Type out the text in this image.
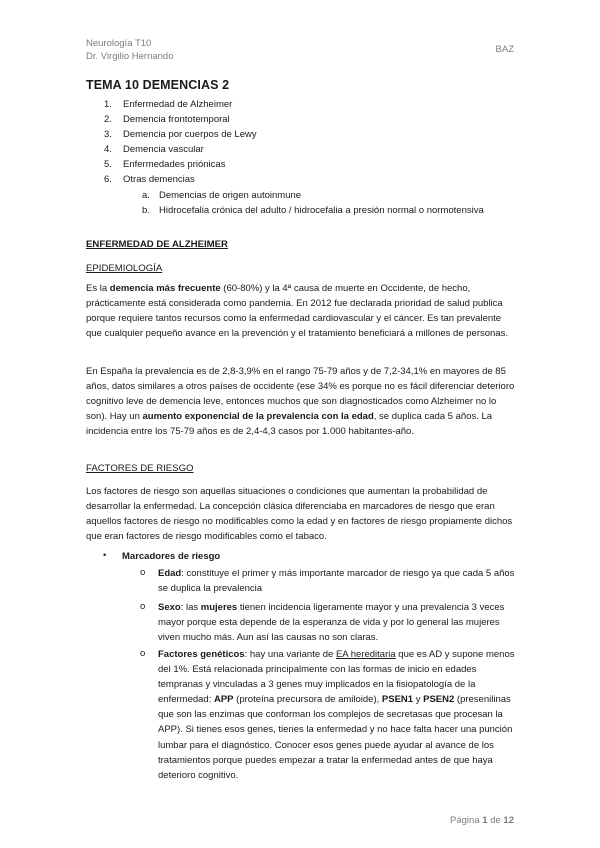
Neurología T10
Dr. Virgilio Hernando
BAZ
TEMA 10 DEMENCIAS 2
1. Enfermedad de Alzheimer
2. Demencia frontotemporal
3. Demencia por cuerpos de Lewy
4. Demencia vascular
5. Enfermedades priónicas
6. Otras demencias
a. Demencias de origen autoinmune
b. Hidrocefalia crónica del adulto / hidrocefalia a presión normal o normotensiva
ENFERMEDAD DE ALZHEIMER
EPIDEMIOLOGÍA
Es la demencia más frecuente (60-80%) y la 4ª causa de muerte en Occidente, de hecho, prácticamente está considerada como pandemia. En 2012 fue declarada prioridad de salud publica porque requiere tantos recursos como la enfermedad cardiovascular y el cáncer. Es tan prevalente que cualquier pequeño avance en la prevención y el tratamiento beneficiará a millones de personas.
En España la prevalencia es de 2,8-3,9% en el rango 75-79 años y de 7,2-34,1% en mayores de 85 años, datos similares a otros países de occidente (ese 34% es porque no es fácil diferenciar deterioro cognitivo leve de demencia leve, entonces muchos que son diagnosticados como Alzheimer no lo son). Hay un aumento exponencial de la prevalencia con la edad, se duplica cada 5 años. La incidencia entre los 75-79 años es de 2,4-4,3 casos por 1.000 habitantes-año.
FACTORES DE RIESGO
Los factores de riesgo son aquellas situaciones o condiciones que aumentan la probabilidad de desarrollar la enfermedad. La concepción clásica diferenciaba en marcadores de riesgo que eran aquellos factores de riesgo no modificables como la edad y en factores de riesgo propiamente dichos que eran factores de riesgo modificables como el tabaco.
• Marcadores de riesgo
o Edad: constituye el primer y más importante marcador de riesgo ya que cada 5 años se duplica la prevalencia
o Sexo: las mujeres tienen incidencia ligeramente mayor y una prevalencia 3 veces mayor porque esta depende de la esperanza de vida y por lo general las mujeres viven mucho más. Aun así las causas no son claras.
o Factores genéticos: hay una variante de EA hereditaria que es AD y supone menos del 1%. Está relacionada principalmente con las formas de inicio en edades tempranas y vinculadas a 3 genes muy implicados en la fisiopatología de la enfermedad: APP (proteína precursora de amiloide), PSEN1 y PSEN2 (presenilinas que son las enzimas que conforman los complejos de secretasas que procesan la APP). Si tienes esos genes, tienes la enfermedad y no hace falta hacer una punción lumbar para el diagnóstico. Conocer esos genes puede ayudar al avance de los tratamientos porque puedes empezar a tratar la enfermedad antes de que haya deterioro cognitivo.
Página 1 de 12
